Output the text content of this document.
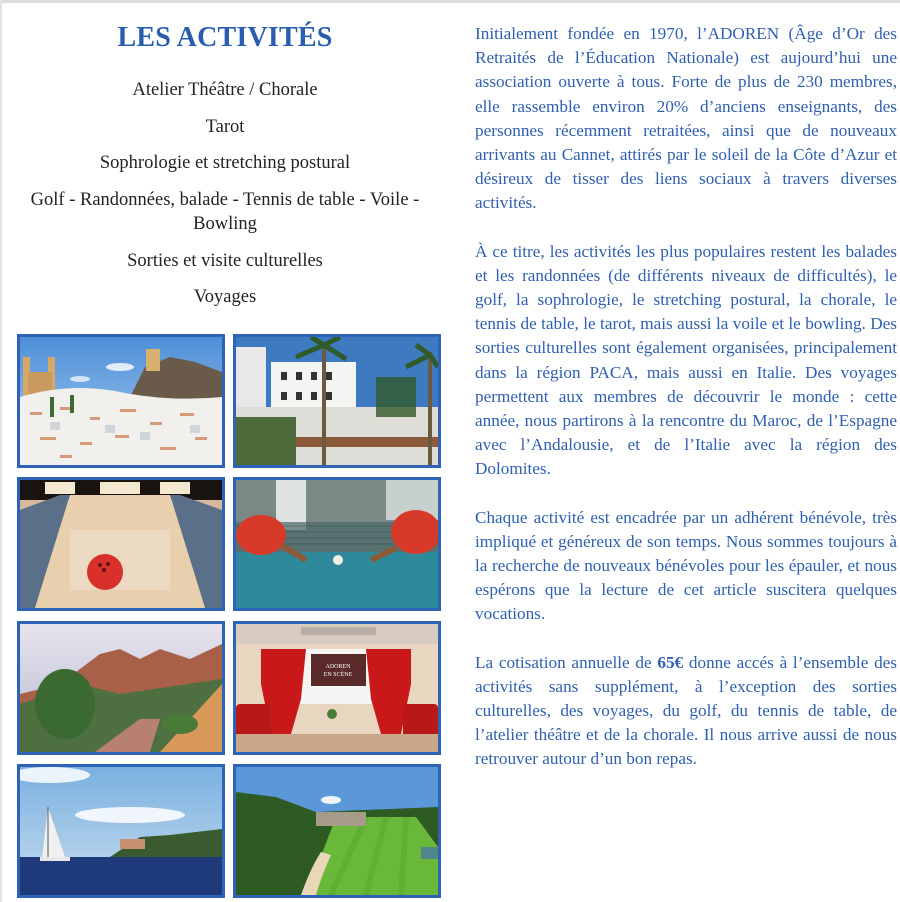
LES ACTIVITÉS
Atelier Théâtre / Chorale
Tarot
Sophrologie et stretching postural
Golf - Randonnées, balade - Tennis de table - Voile - Bowling
Sorties et visite culturelles
Voyages
ADOREN
EN SCÈNE

Initialement fondée en 1970, l’ADOREN (Âge d’Or des Retraités de l’Éducation Nationale) est aujourd’hui une association ouverte à tous. Forte de plus de 230 membres, elle rassemble environ 20% d’anciens enseignants, des personnes récemment retraitées, ainsi que de nouveaux arrivants au Cannet, attirés par le soleil de la Côte d’Azur et désireux de tisser des liens sociaux à travers diverses activités.

À ce titre, les activités les plus populaires restent les balades et les randonnées (de différents niveaux de difficultés), le golf, la sophrologie, le stretching postural, la chorale, le tennis de table, le tarot, mais aussi la voile et le bowling. Des sorties culturelles sont également organisées, principalement dans la région PACA, mais aussi en Italie. Des voyages permettent aux membres de découvrir le monde : cette année, nous partirons à la rencontre du Maroc, de l’Espagne avec l’Andalousie, et de l’Italie avec la région des Dolomites.

Chaque activité est encadrée par un adhérent bénévole, très impliqué et généreux de son temps. Nous sommes toujours à la recherche de nouveaux bénévoles pour les épauler, et nous espérons que la lecture de cet article suscitera quelques vocations.

La cotisation annuelle de 65€ donne accés à l’ensemble des activités sans supplément, à l’exception des sorties culturelles, des voyages, du golf, du tennis de table, de l’atelier théâtre et de la chorale. Il nous arrive aussi de nous retrouver autour d’un bon repas.
